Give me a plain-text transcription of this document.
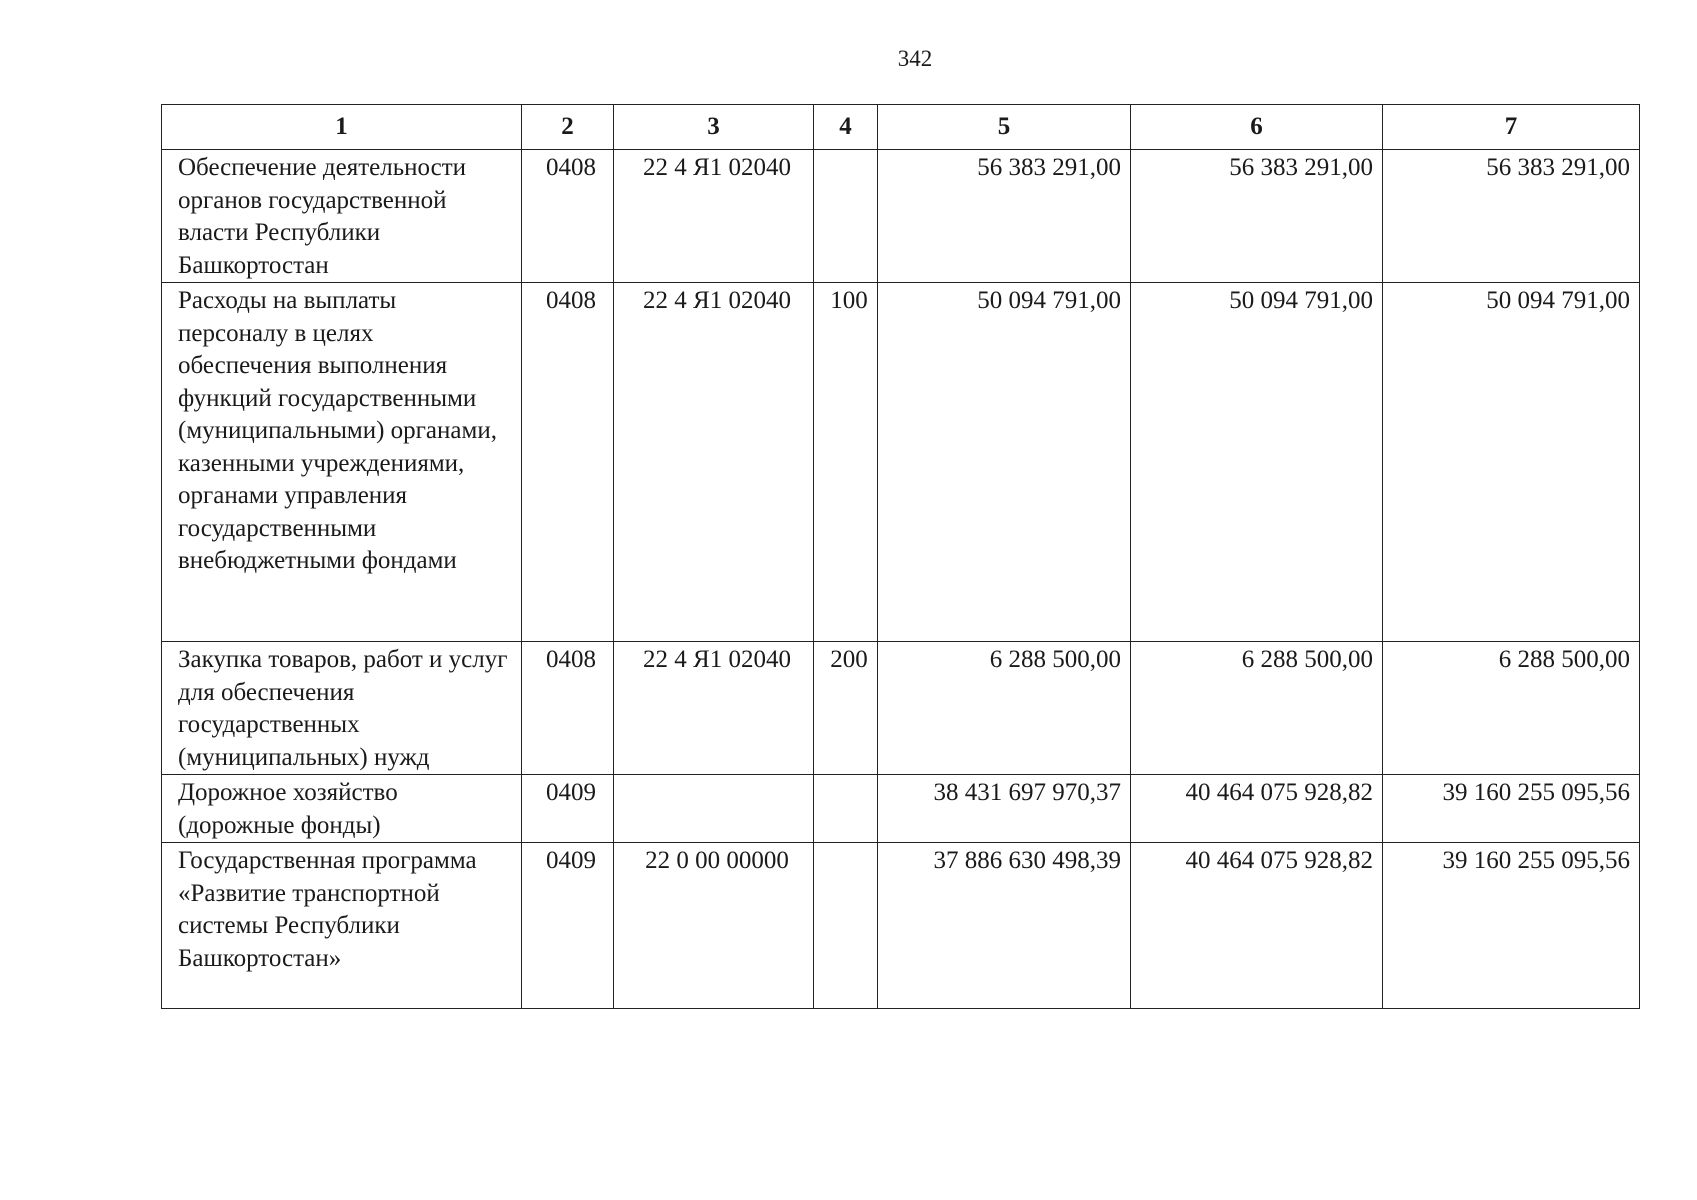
342
1	2	3	4	5	6	7
Обеспечение деятельности органов государственной власти Республики Башкортостан	0408	22 4 Я1 02040		56 383 291,00	56 383 291,00	56 383 291,00
Расходы на выплаты персоналу в целях обеспечения выполнения функций государственными (муниципальными) органами, казенными учреждениями, органами управления государственными внебюджетными фондами	0408	22 4 Я1 02040	100	50 094 791,00	50 094 791,00	50 094 791,00
Закупка товаров, работ и услуг для обеспечения государственных (муниципальных) нужд	0408	22 4 Я1 02040	200	6 288 500,00	6 288 500,00	6 288 500,00
Дорожное хозяйство (дорожные фонды)	0409			38 431 697 970,37	40 464 075 928,82	39 160 255 095,56
Государственная программа «Развитие транспортной системы Республики Башкортостан»	0409	22 0 00 00000		37 886 630 498,39	40 464 075 928,82	39 160 255 095,56
